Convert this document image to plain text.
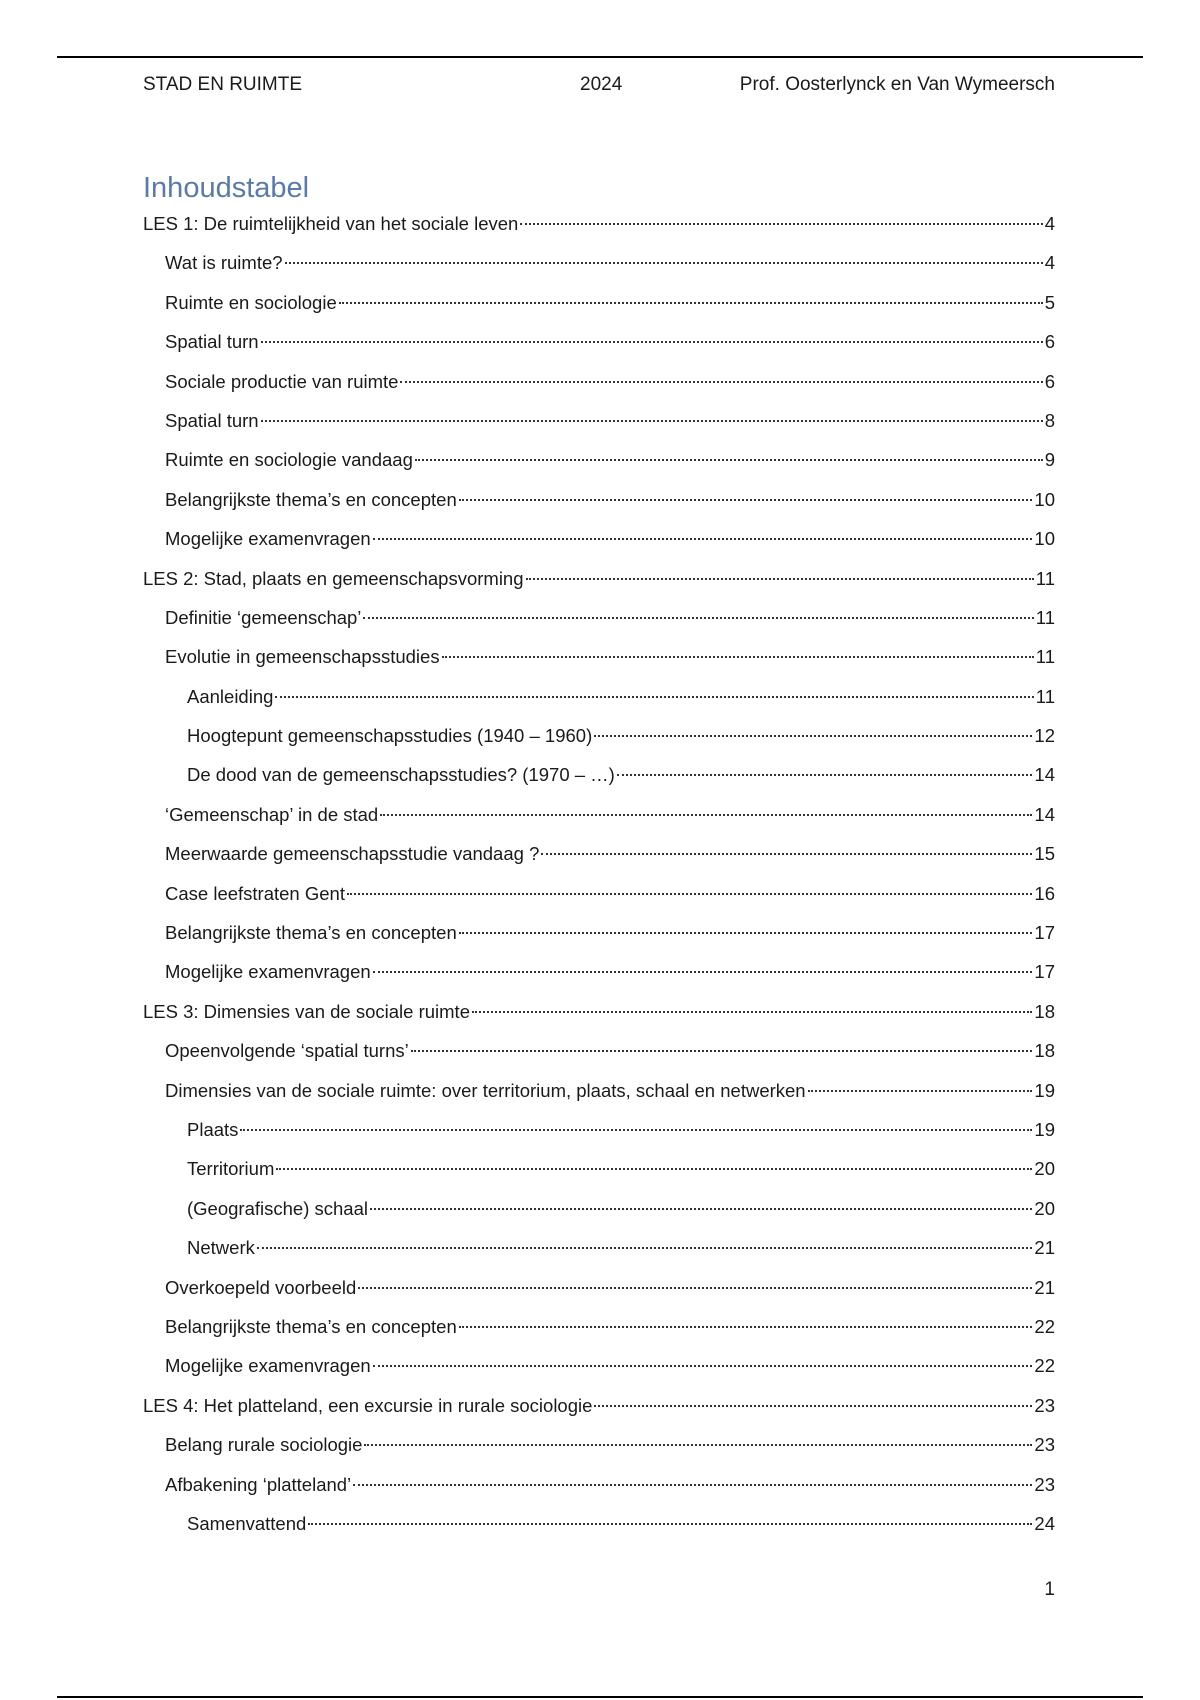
STAD EN RUIMTE	2024	Prof. Oosterlynck en Van Wymeersch
Inhoudstabel
LES 1: De ruimtelijkheid van het sociale leven	4
Wat is ruimte?	4
Ruimte en sociologie	5
Spatial turn	6
Sociale productie van ruimte	6
Spatial turn	8
Ruimte en sociologie vandaag	9
Belangrijkste thema’s en concepten	10
Mogelijke examenvragen	10
LES 2: Stad, plaats en gemeenschapsvorming	11
Definitie ‘gemeenschap’	11
Evolutie in gemeenschapsstudies	11
Aanleiding	11
Hoogtepunt gemeenschapsstudies (1940 – 1960)	12
De dood van de gemeenschapsstudies? (1970 – …)	14
‘Gemeenschap’ in de stad	14
Meerwaarde gemeenschapsstudie vandaag ?	15
Case leefstraten Gent	16
Belangrijkste thema’s en concepten	17
Mogelijke examenvragen	17
LES 3: Dimensies van de sociale ruimte	18
Opeenvolgende ‘spatial turns’	18
Dimensies van de sociale ruimte: over territorium, plaats, schaal en netwerken	19
Plaats	19
Territorium	20
(Geografische) schaal	20
Netwerk	21
Overkoepeld voorbeeld	21
Belangrijkste thema’s en concepten	22
Mogelijke examenvragen	22
LES 4: Het platteland, een excursie in rurale sociologie	23
Belang rurale sociologie	23
Afbakening ‘platteland’	23
Samenvattend	24
1
